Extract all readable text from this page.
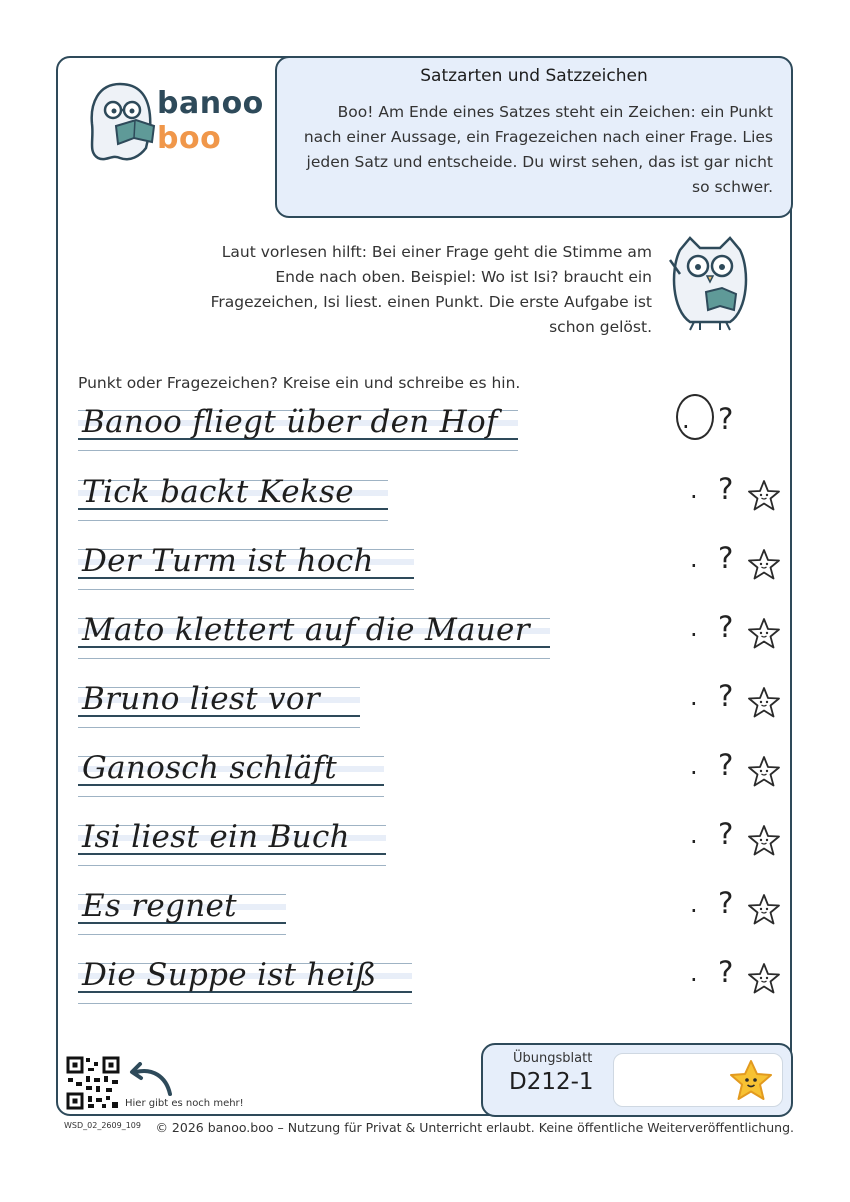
banoo
boo
Satzarten und Satzzeichen
Boo! Am Ende eines Satzes steht ein Zeichen: ein Punkt nach einer Aussage, ein Fragezeichen nach einer Frage. Lies jeden Satz und entscheide. Du wirst sehen, das ist gar nicht so schwer.
Laut vorlesen hilft: Bei einer Frage geht die Stimme am Ende nach oben. Beispiel: Wo ist Isi? braucht ein Fragezeichen, Isi liest. einen Punkt. Die erste Aufgabe ist schon gelöst.
Punkt oder Fragezeichen? Kreise ein und schreibe es hin.
Banoo fliegt über den Hof	. ?
Tick backt Kekse	. ?
Der Turm ist hoch	. ?
Mato klettert auf die Mauer	. ?
Bruno liest vor	. ?
Ganosch schläft	. ?
Isi liest ein Buch	. ?
Es regnet	. ?
Die Suppe ist heiß	. ?
Hier gibt es noch mehr!
Übungsblatt
D212-1
WSD_02_2609_109 © 2026 banoo.boo – Nutzung für Privat & Unterricht erlaubt. Keine öffentliche Weiterveröffentlichung.
